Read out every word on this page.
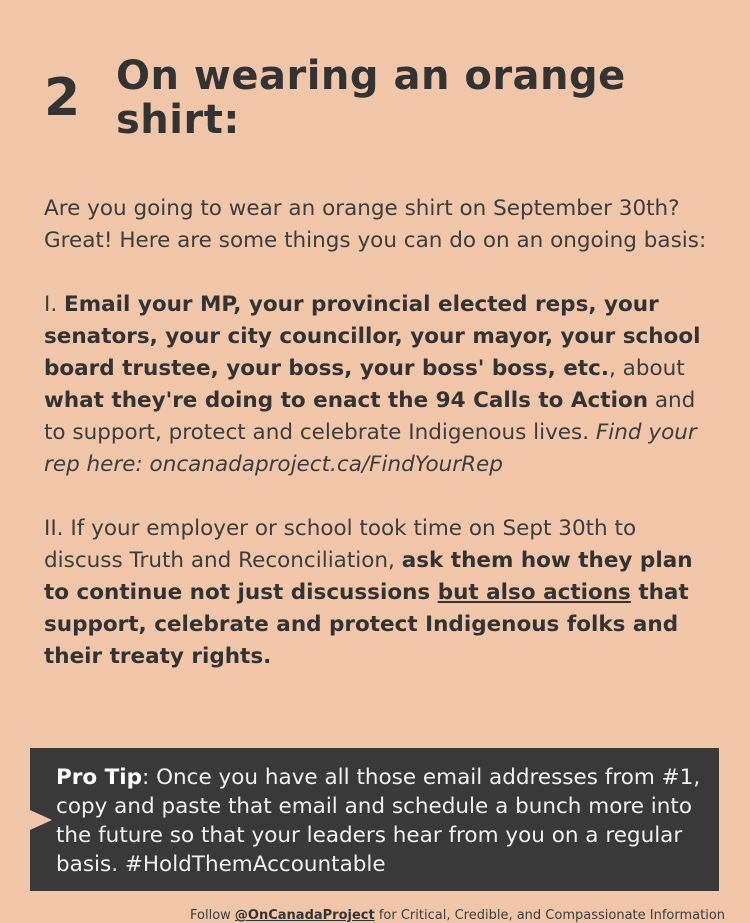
2 On wearing an orange shirt:

Are you going to wear an orange shirt on September 30th? Great! Here are some things you can do on an ongoing basis:

I. Email your MP, your provincial elected reps, your senators, your city councillor, your mayor, your school board trustee, your boss, your boss' boss, etc., about what they're doing to enact the 94 Calls to Action and to support, protect and celebrate Indigenous lives. Find your rep here: oncanadaproject.ca/FindYourRep

II. If your employer or school took time on Sept 30th to discuss Truth and Reconciliation, ask them how they plan to continue not just discussions but also actions that support, celebrate and protect Indigenous folks and their treaty rights.

Pro Tip: Once you have all those email addresses from #1, copy and paste that email and schedule a bunch more into the future so that your leaders hear from you on a regular basis. #HoldThemAccountable
Follow @OnCanadaProject for Critical, Credible, and Compassionate Information
